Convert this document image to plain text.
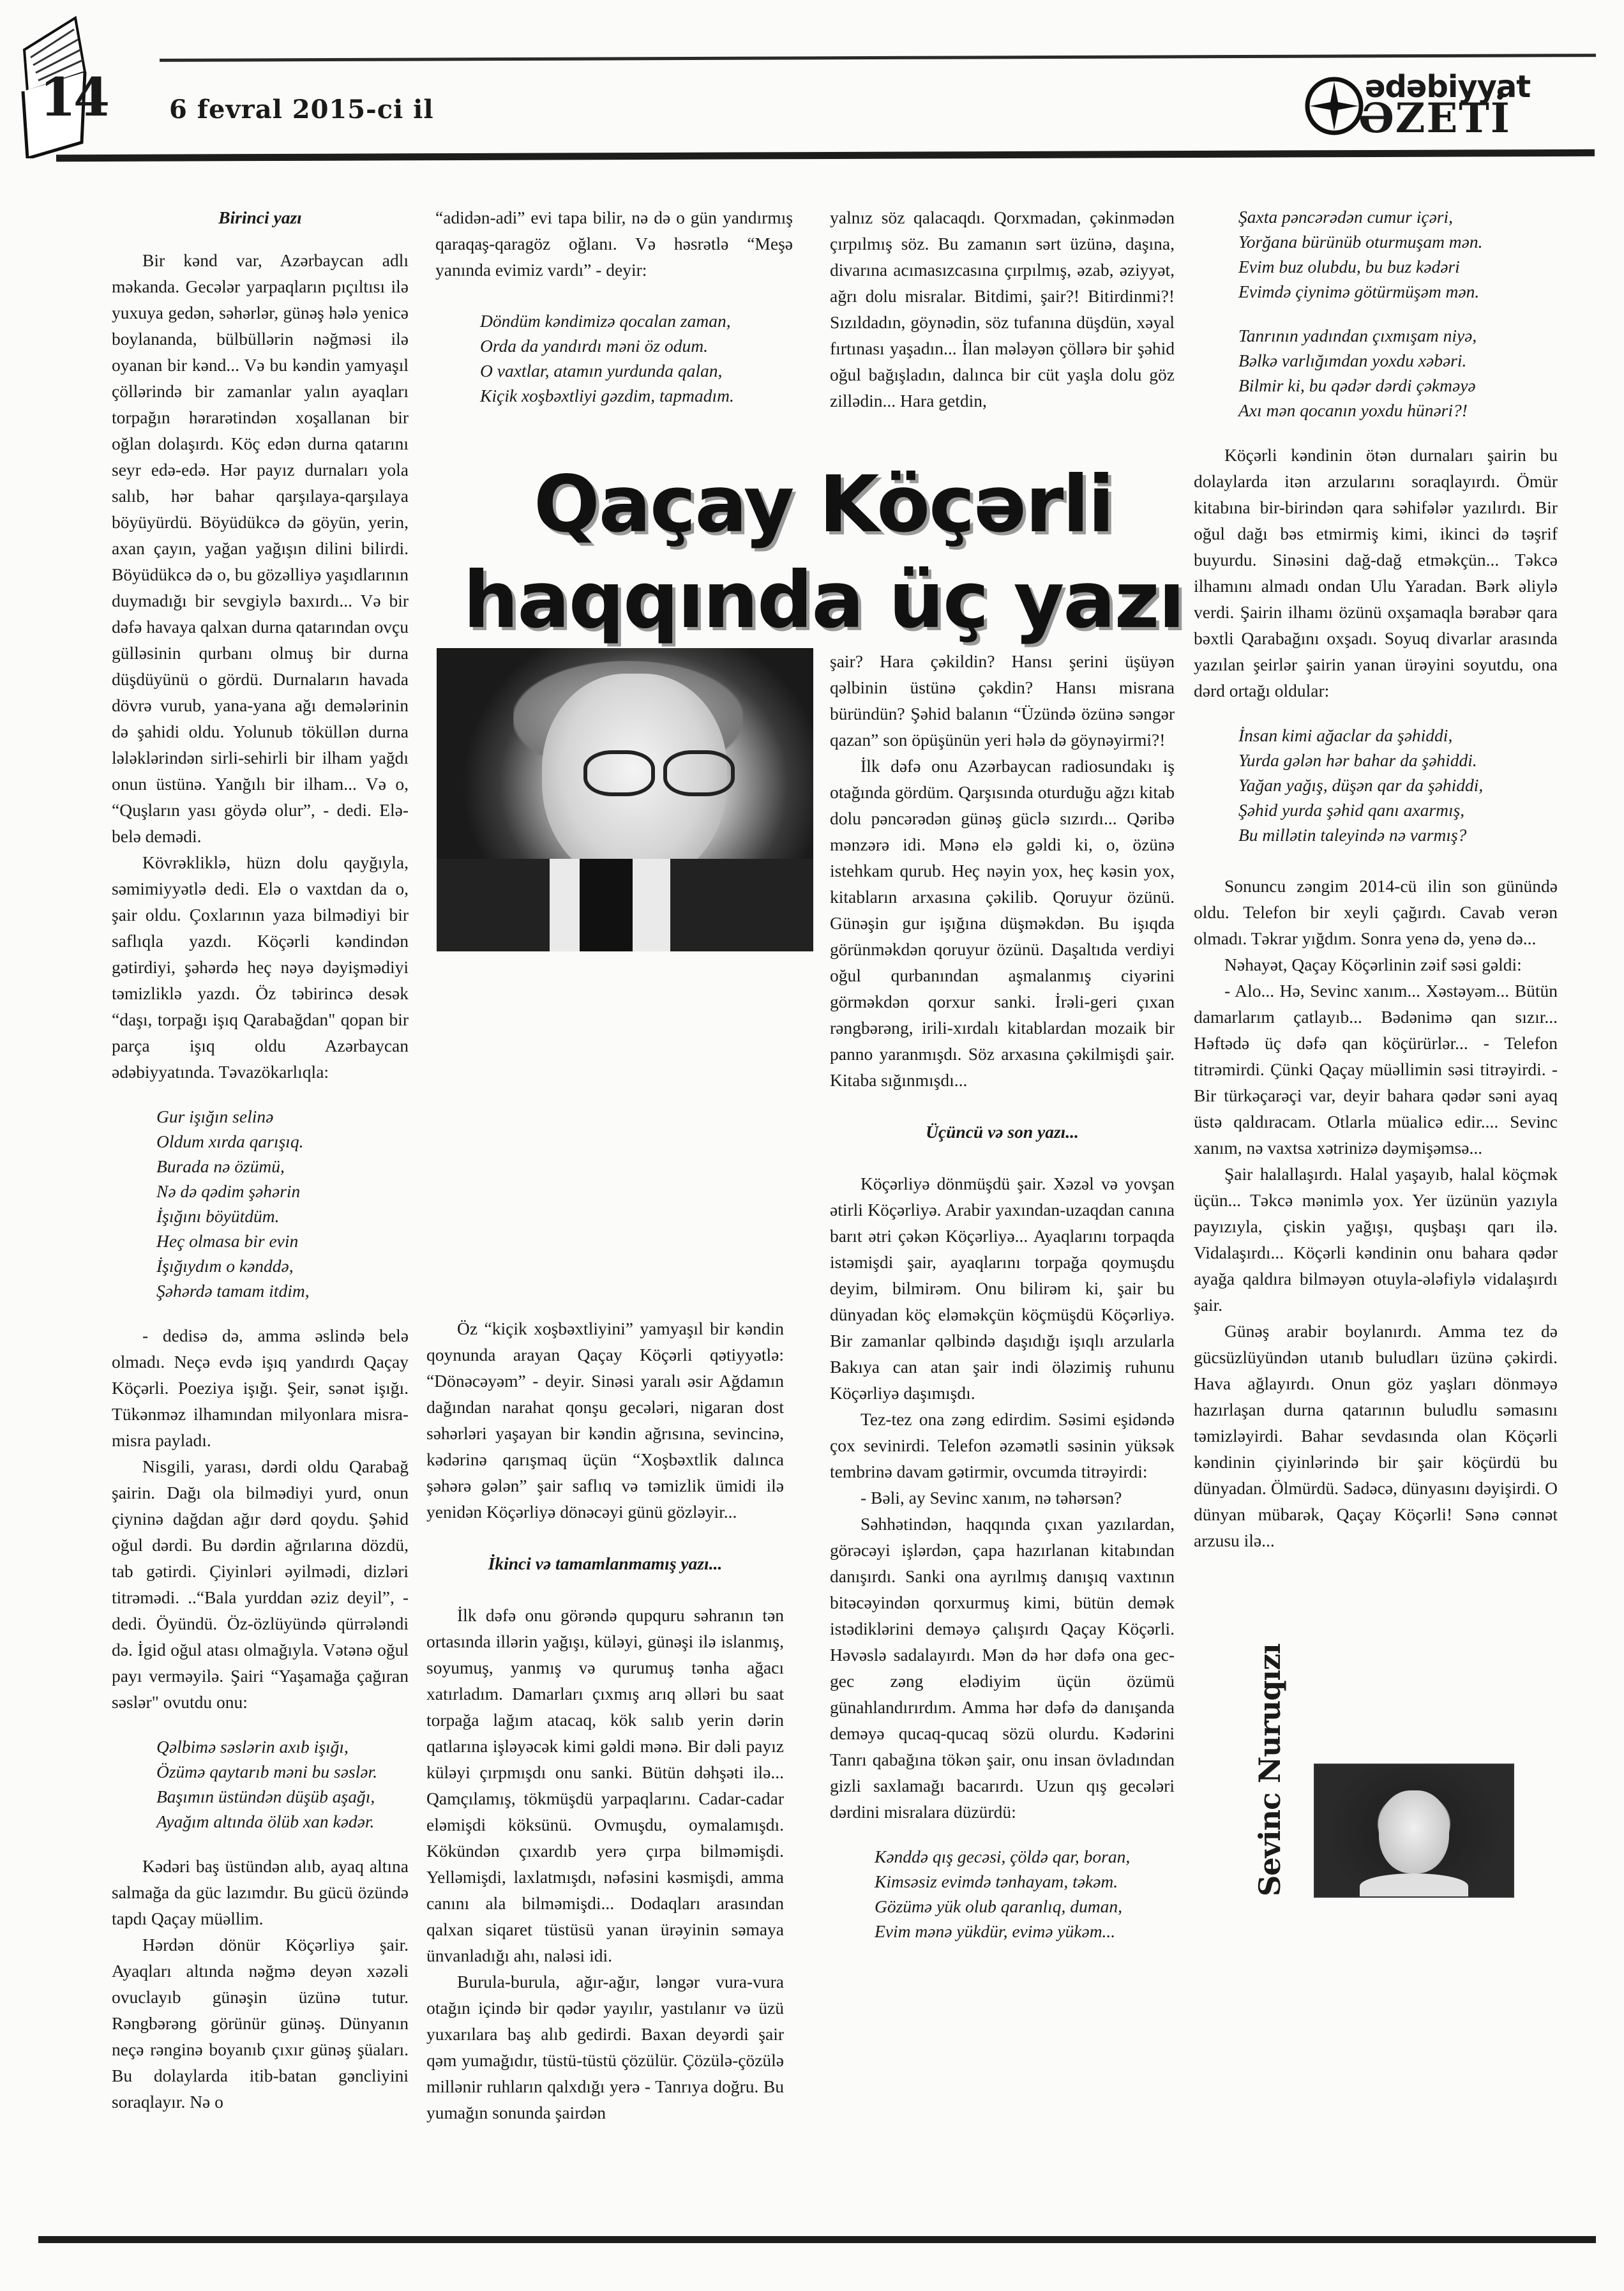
14 6 fevral 2015-ci il
ədəbiyyat
ƏZETİ

Birinci yazı

Bir kənd var, Azərbaycan adlı məkanda. Gecələr yarpaqların pıçıltısı ilə yuxuya gedən, səhərlər, günəş hələ yenicə boylananda, bülbüllərin nəğməsi ilə oyanan bir kənd... Və bu kəndin yamyaşıl çöllərində bir zamanlar yalın ayaqları torpağın hərarətindən xoşallanan bir oğlan dolaşırdı. Köç edən durna qatarını seyr edə-edə. Hər payız durnaları yola salıb, hər bahar qarşılaya-qarşılaya böyüyürdü. Böyüdükcə də göyün, yerin, axan çayın, yağan yağışın dilini bilirdi. Böyüdükcə də o, bu gözəlliyə yaşıdlarının duymadığı bir sevgiylə baxırdı... Və bir dəfə havaya qalxan durna qatarından ovçu gülləsinin qurbanı olmuş bir durna düşdüyünü o gördü. Durnaların havada dövrə vurub, yana-yana ağı demələrinin də şahidi oldu. Yolunub töküllən durna lələklərindən sirli-sehirli bir ilham yağdı onun üstünə. Yanğılı bir ilham... Və o, “Quşların yası göydə olur”, - dedi. Elə-belə demədi.

Kövrəkliklə, hüzn dolu qayğıyla, səmimiyyətlə dedi. Elə o vaxtdan da o, şair oldu. Çoxlarının yaza bilmədiyi bir saflıqla yazdı. Köçərli kəndindən gətirdiyi, şəhərdə heç nəyə dəyişmədiyi təmizliklə yazdı. Öz təbirincə desək “daşı, torpağı işıq Qarabağdan" qopan bir parça işıq oldu Azərbaycan ədəbiyyatında. Təvazökarlıqla:

Gur işığın selinə
Oldum xırda qarışıq.
Burada nə özümü,
Nə də qədim şəhərin
İşığını böyütdüm.
Heç olmasa bir evin
İşığıydım o kənddə,
Şəhərdə tamam itdim,

- dedisə də, amma əslində belə olmadı. Neçə evdə işıq yandırdı Qaçay Köçərli. Poeziya işığı. Şeir, sənət işığı. Tükənməz ilhamından milyonlara misra-misra payladı.

Nisgili, yarası, dərdi oldu Qarabağ şairin. Dağı ola bilmədiyi yurd, onun çiyninə dağdan ağır dərd qoydu. Şəhid oğul dərdi. Bu dərdin ağrılarına dözdü, tab gətirdi. Çiyinləri əyilmədi, dizləri titrəmədi. ..“Bala yurddan əziz deyil”, - dedi. Öyündü. Öz-özlüyündə qürrələndi də. İgid oğul atası olmağıyla. Vətənə oğul payı verməyilə. Şairi “Yaşamağa çağıran səslər" ovutdu onu:

Qəlbimə səslərin axıb işığı,
Özümə qaytarıb məni bu səslər.
Başımın üstündən düşüb aşağı,
Ayağım altında ölüb xan kədər.

Kədəri baş üstündən alıb, ayaq altına salmağa da güc lazımdır. Bu gücü özündə tapdı Qaçay müəllim.

Hərdən dönür Köçərliyə şair. Ayaqları altında nəğmə deyən xəzəli ovuclayıb günəşin üzünə tutur. Rəngbərəng görünür günəş. Dünyanın neçə rənginə boyanıb çıxır günəş şüaları. Bu dolaylarda itib-batan gəncliyini soraqlayır. Nə o

“adidən-adi” evi tapa bilir, nə də o gün yandırmış qaraqaş-qaragöz oğlanı. Və həsrətlə “Meşə yanında evimiz vardı” - deyir:

Döndüm kəndimizə qocalan zaman,
Orda da yandırdı məni öz odum.
O vaxtlar, atamın yurdunda qalan,
Kiçik xoşbəxtliyi gəzdim, tapmadım.

yalnız söz qalacaqdı. Qorxmadan, çəkinmədən çırpılmış söz. Bu zamanın sərt üzünə, daşına, divarına acımasızcasına çırpılmış, əzab, əziyyət, ağrı dolu misralar. Bitdimi, şair?! Bitirdinmi?! Sızıldadın, göynədin, söz tufanına düşdün, xəyal fırtınası yaşadın... İlan mələyən çöllərə bir şəhid oğul bağışladın, dalınca bir cüt yaşla dolu göz zillədin... Hara getdin,

Qaçay Köçərli
haqqında üç yazı

Öz “kiçik xoşbəxtliyini” yamyaşıl bir kəndin qoynunda arayan Qaçay Köçərli qətiyyətlə: “Dönəcəyəm” - deyir. Sinəsi yaralı əsir Ağdamın dağından narahat qonşu gecələri, nigaran dost səhərləri yaşayan bir kəndin ağrısına, sevincinə, kədərinə qarışmaq üçün “Xoşbəxtlik dalınca şəhərə gələn” şair saflıq və təmizlik ümidi ilə yenidən Köçərliyə dönəcəyi günü gözləyir...

İkinci və tamamlanmamış yazı...

İlk dəfə onu görəndə qupquru səhranın tən ortasında illərin yağışı, küləyi, günəşi ilə islanmış, soyumuş, yanmış və qurumuş tənha ağacı xatırladım. Damarları çıxmış arıq əlləri bu saat torpağa lağım atacaq, kök salıb yerin dərin qatlarına işləyəcək kimi gəldi mənə. Bir dəli payız küləyi çırpmışdı onu sanki. Bütün dəhşəti ilə... Qamçılamış, tökmüşdü yarpaqlarını. Cadar-cadar eləmişdi köksünü. Ovmuşdu, oymalamışdı. Kökündən çıxardıb yerə çırpa bilməmişdi. Yelləmişdi, laxlatmışdı, nəfəsini kəsmişdi, amma canını ala bilməmişdi... Dodaqları arasından qalxan siqaret tüstüsü yanan ürəyinin səmaya ünvanladığı ahı, naləsi idi.

Burula-burula, ağır-ağır, ləngər vura-vura otağın içində bir qədər yayılır, yastılanır və üzü yuxarılara baş alıb gedirdi. Baxan deyərdi şair qəm yumağıdır, tüstü-tüstü çözülür. Çözülə-çözülə millənir ruhların qalxdığı yerə - Tanrıya doğru. Bu yumağın sonunda şairdən

şair? Hara çəkildin? Hansı şerini üşüyən qəlbinin üstünə çəkdin? Hansı misrana büründün? Şəhid balanın “Üzündə özünə səngər qazan” son öpüşünün yeri hələ də göynəyirmi?!

İlk dəfə onu Azərbaycan radiosundakı iş otağında gördüm. Qarşısında oturduğu ağzı kitab dolu pəncərədən günəş güclə sızırdı... Qəribə mənzərə idi. Mənə elə gəldi ki, o, özünə istehkam qurub. Heç nəyin yox, heç kəsin yox, kitabların arxasına çəkilib. Qoruyur özünü. Günəşin gur işığına düşməkdən. Bu işıqda görünməkdən qoruyur özünü. Daşaltıda verdiyi oğul qurbanından aşmalanmış ciyərini görməkdən qorxur sanki. İrəli-geri çıxan rəngbərəng, irili-xırdalı kitablardan mozaik bir panno yaranmışdı. Söz arxasına çəkilmişdi şair. Kitaba sığınmışdı...

Üçüncü və son yazı...

Köçərliyə dönmüşdü şair. Xəzəl və yovşan ətirli Köçərliyə. Arabir yaxından-uzaqdan canına barıt ətri çəkən Köçərliyə... Ayaqlarını torpaqda istəmişdi şair, ayaqlarını torpağa qoymuşdu deyim, bilmirəm. Onu bilirəm ki, şair bu dünyadan köç eləməkçün köçmüşdü Köçərliyə. Bir zamanlar qəlbində daşıdığı işıqlı arzularla Bakıya can atan şair indi öləzimiş ruhunu Köçərliyə daşımışdı.

Tez-tez ona zəng edirdim. Səsimi eşidəndə çox sevinirdi. Telefon əzəmətli səsinin yüksək tembrinə davam gətirmir, ovcumda titrəyirdi:

- Bəli, ay Sevinc xanım, nə təhərsən?

Səhhətindən, haqqında çıxan yazılardan, görəcəyi işlərdən, çapa hazırlanan kitabından danışırdı. Sanki ona ayrılmış danışıq vaxtının bitəcəyindən qorxurmuş kimi, bütün demək istədiklərini deməyə çalışırdı Qaçay Köçərli. Həvəslə sadalayırdı. Mən də hər dəfə ona gec-gec zəng elədiyim üçün özümü günahlandırırdım. Amma hər dəfə də danışanda deməyə qucaq-qucaq sözü olurdu. Kədərini Tanrı qabağına tökən şair, onu insan övladından gizli saxlamağı bacarırdı. Uzun qış gecələri dərdini misralara düzürdü:

Kənddə qış gecəsi, çöldə qar, boran,
Kimsəsiz evimdə tənhayam, təkəm.
Gözümə yük olub qaranlıq, duman,
Evim mənə yükdür, evimə yükəm...
Şaxta pəncərədən cumur içəri,
Yorğana bürünüb oturmuşam mən.
Evim buz olubdu, bu buz kədəri
Evimdə çiynimə götürmüşəm mən.
Tanrının yadından çıxmışam niyə,
Bəlkə varlığımdan yoxdu xəbəri.
Bilmir ki, bu qədər dərdi çəkməyə
Axı mən qocanın yoxdu hünəri?!

Köçərli kəndinin ötən durnaları şairin bu dolaylarda itən arzularını soraqlayırdı. Ömür kitabına bir-birindən qara səhifələr yazılırdı. Bir oğul dağı bəs etmirmiş kimi, ikinci də təşrif buyurdu. Sinəsini dağ-dağ etməkçün... Təkcə ilhamını almadı ondan Ulu Yaradan. Bərk əliylə verdi. Şairin ilhamı özünü oxşamaqla bərabər qara bəxtli Qarabağını oxşadı. Soyuq divarlar arasında yazılan şeirlər şairin yanan ürəyini soyutdu, ona dərd ortağı oldular:

İnsan kimi ağaclar da şəhiddi,
Yurda gələn hər bahar da şəhiddi.
Yağan yağış, düşən qar da şəhiddi,
Şəhid yurda şəhid qanı axarmış,
Bu millətin taleyində nə varmış?

Sonuncu zəngim 2014-cü ilin son günündə oldu. Telefon bir xeyli çağırdı. Cavab verən olmadı. Təkrar yığdım. Sonra yenə də, yenə də...

Nəhayət, Qaçay Köçərlinin zəif səsi gəldi:

- Alo... Hə, Sevinc xanım... Xəstəyəm... Bütün damarlarım çatlayıb... Bədənimə qan sızır... Həftədə üç dəfə qan köçürürlər... - Telefon titrəmirdi. Çünki Qaçay müəllimin səsi titrəyirdi. - Bir türkəçarəçi var, deyir bahara qədər səni ayaq üstə qaldıracam. Otlarla müalicə edir.... Sevinc xanım, nə vaxtsa xətrinizə dəymişəmsə...

Şair halallaşırdı. Halal yaşayıb, halal köçmək üçün... Təkcə mənimlə yox. Yer üzünün yazıyla payızıyla, çiskin yağışı, quşbaşı qarı ilə. Vidalaşırdı... Köçərli kəndinin onu bahara qədər ayağa qaldıra bilməyən otuyla-ələfiylə vidalaşırdı şair.

Günəş arabir boylanırdı. Amma tez də gücsüzlüyündən utanıb buludları üzünə çəkirdi. Hava ağlayırdı. Onun göz yaşları dönməyə hazırlaşan durna qatarının buludlu səmasını təmizləyirdi. Bahar sevdasında olan Köçərli kəndinin çiyinlərində bir şair köçürdü bu dünyadan. Ölmürdü. Sadəcə, dünyasını dəyişirdi. O dünyan mübarək, Qaçay Köçərli! Sənə cənnət arzusu ilə...

Sevinc Nuruqızı
